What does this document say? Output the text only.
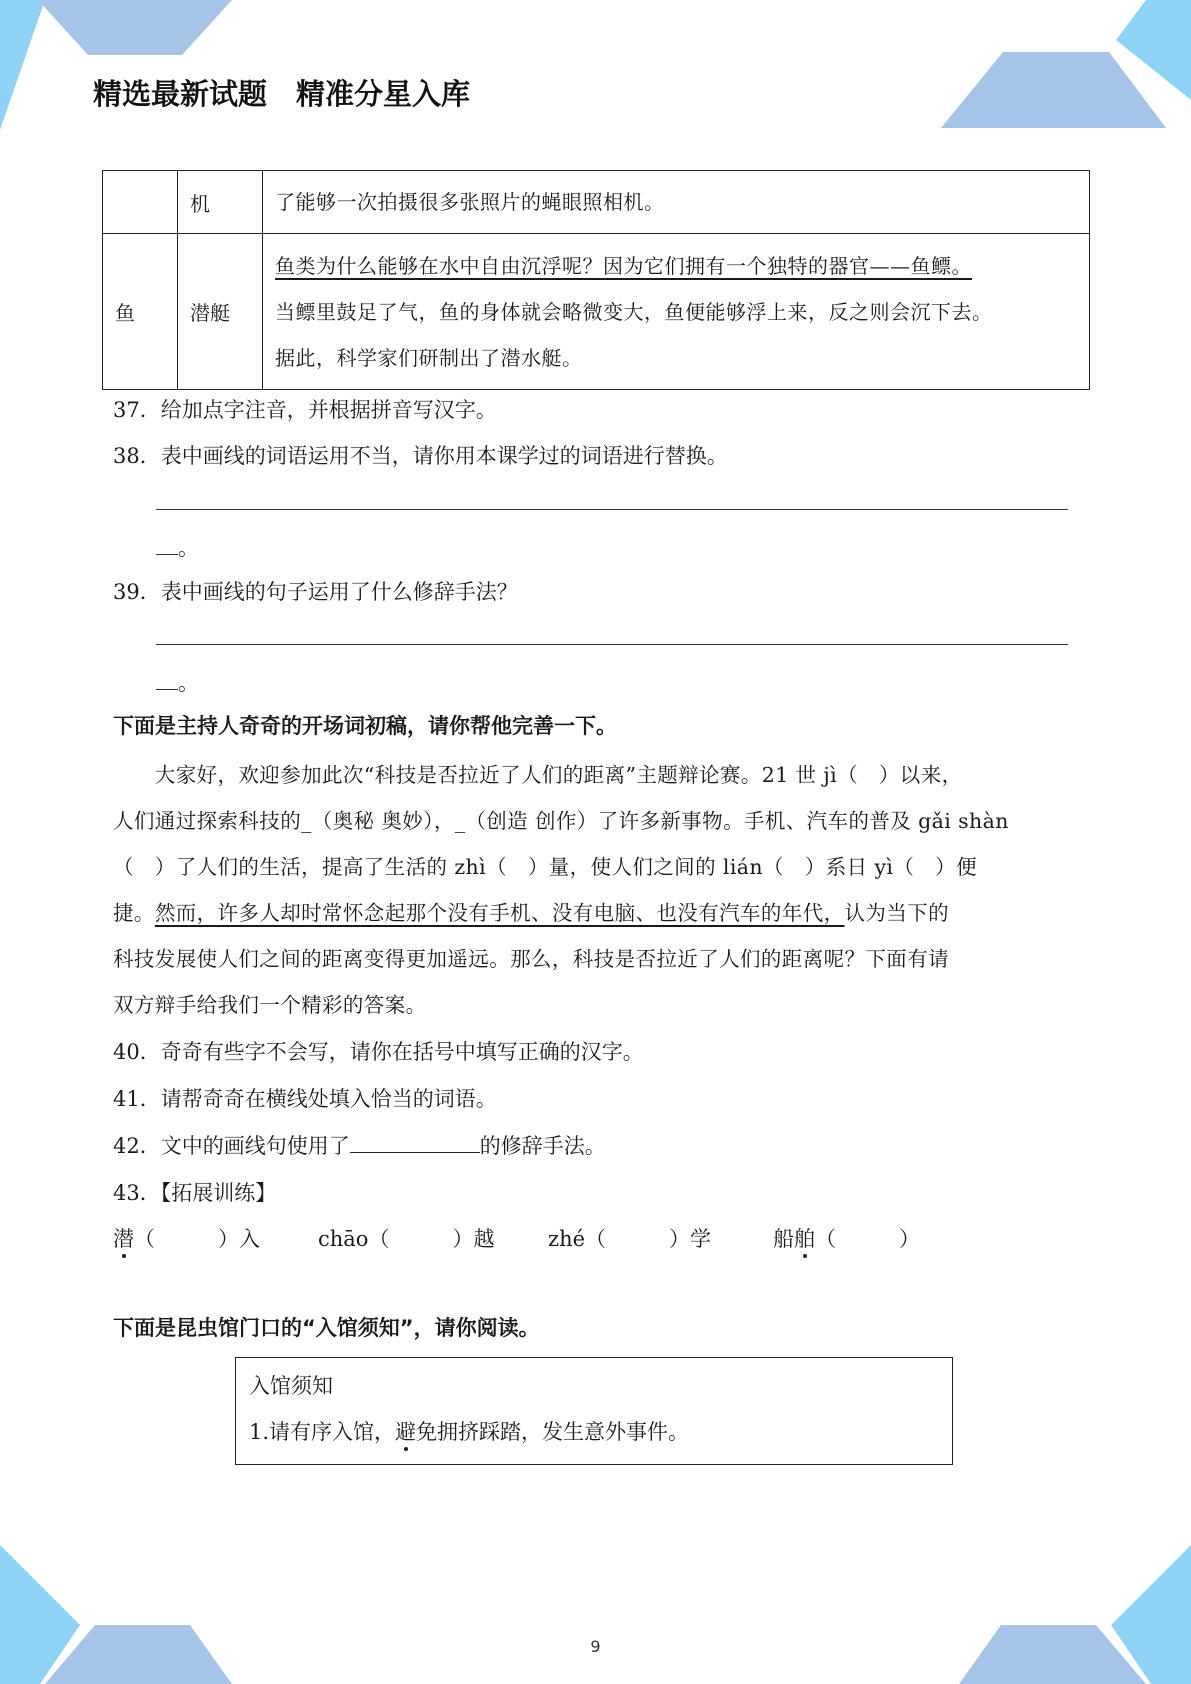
精选最新试题　精准分星入库
	机	了能够一次拍摄很多张照片的蝇眼照相机。

鱼	潜艇	鱼类为什么能够在水中自由沉浮呢？因为它们拥有一个独特的器官——鱼鳔。
当鳔里鼓足了气，鱼的身体就会略微变大，鱼便能够浮上来，反之则会沉下去。
据此，科学家们研制出了潜水艇。
37．给加点字注音，并根据拼音写汉字。
38．表中画线的词语运用不当，请你用本课学过的词语进行替换。
。
39．表中画线的句子运用了什么修辞手法？
。
下面是主持人奇奇的开场词初稿，请你帮他完善一下。
　　大家好，欢迎参加此次“科技是否拉近了人们的距离”主题辩论赛。21 世 jì（　）以来，
人们通过探索科技的_（奥秘 奥妙），_（创造 创作）了许多新事物。手机、汽车的普及 gǎi shàn
（　）了人们的生活，提高了生活的 zhì（　）量，使人们之间的 lián（　）系日 yì（　）便
捷。然而，许多人却时常怀念起那个没有手机、没有电脑、也没有汽车的年代，认为当下的
科技发展使人们之间的距离变得更加遥远。那么，科技是否拉近了人们的距离呢？下面有请
双方辩手给我们一个精彩的答案。
40．奇奇有些字不会写，请你在括号中填写正确的汉字。
41．请帮奇奇在横线处填入恰当的词语。
42．文中的画线句使用了	的修辞手法。
43．【拓展训练】
潜（　　　）入	chāo（　　　）越	zhé（　　　）学	船舶（　　　）
下面是昆虫馆门口的“入馆须知”，请你阅读。
入馆须知
1.请有序入馆，避免拥挤踩踏，发生意外事件。
9
